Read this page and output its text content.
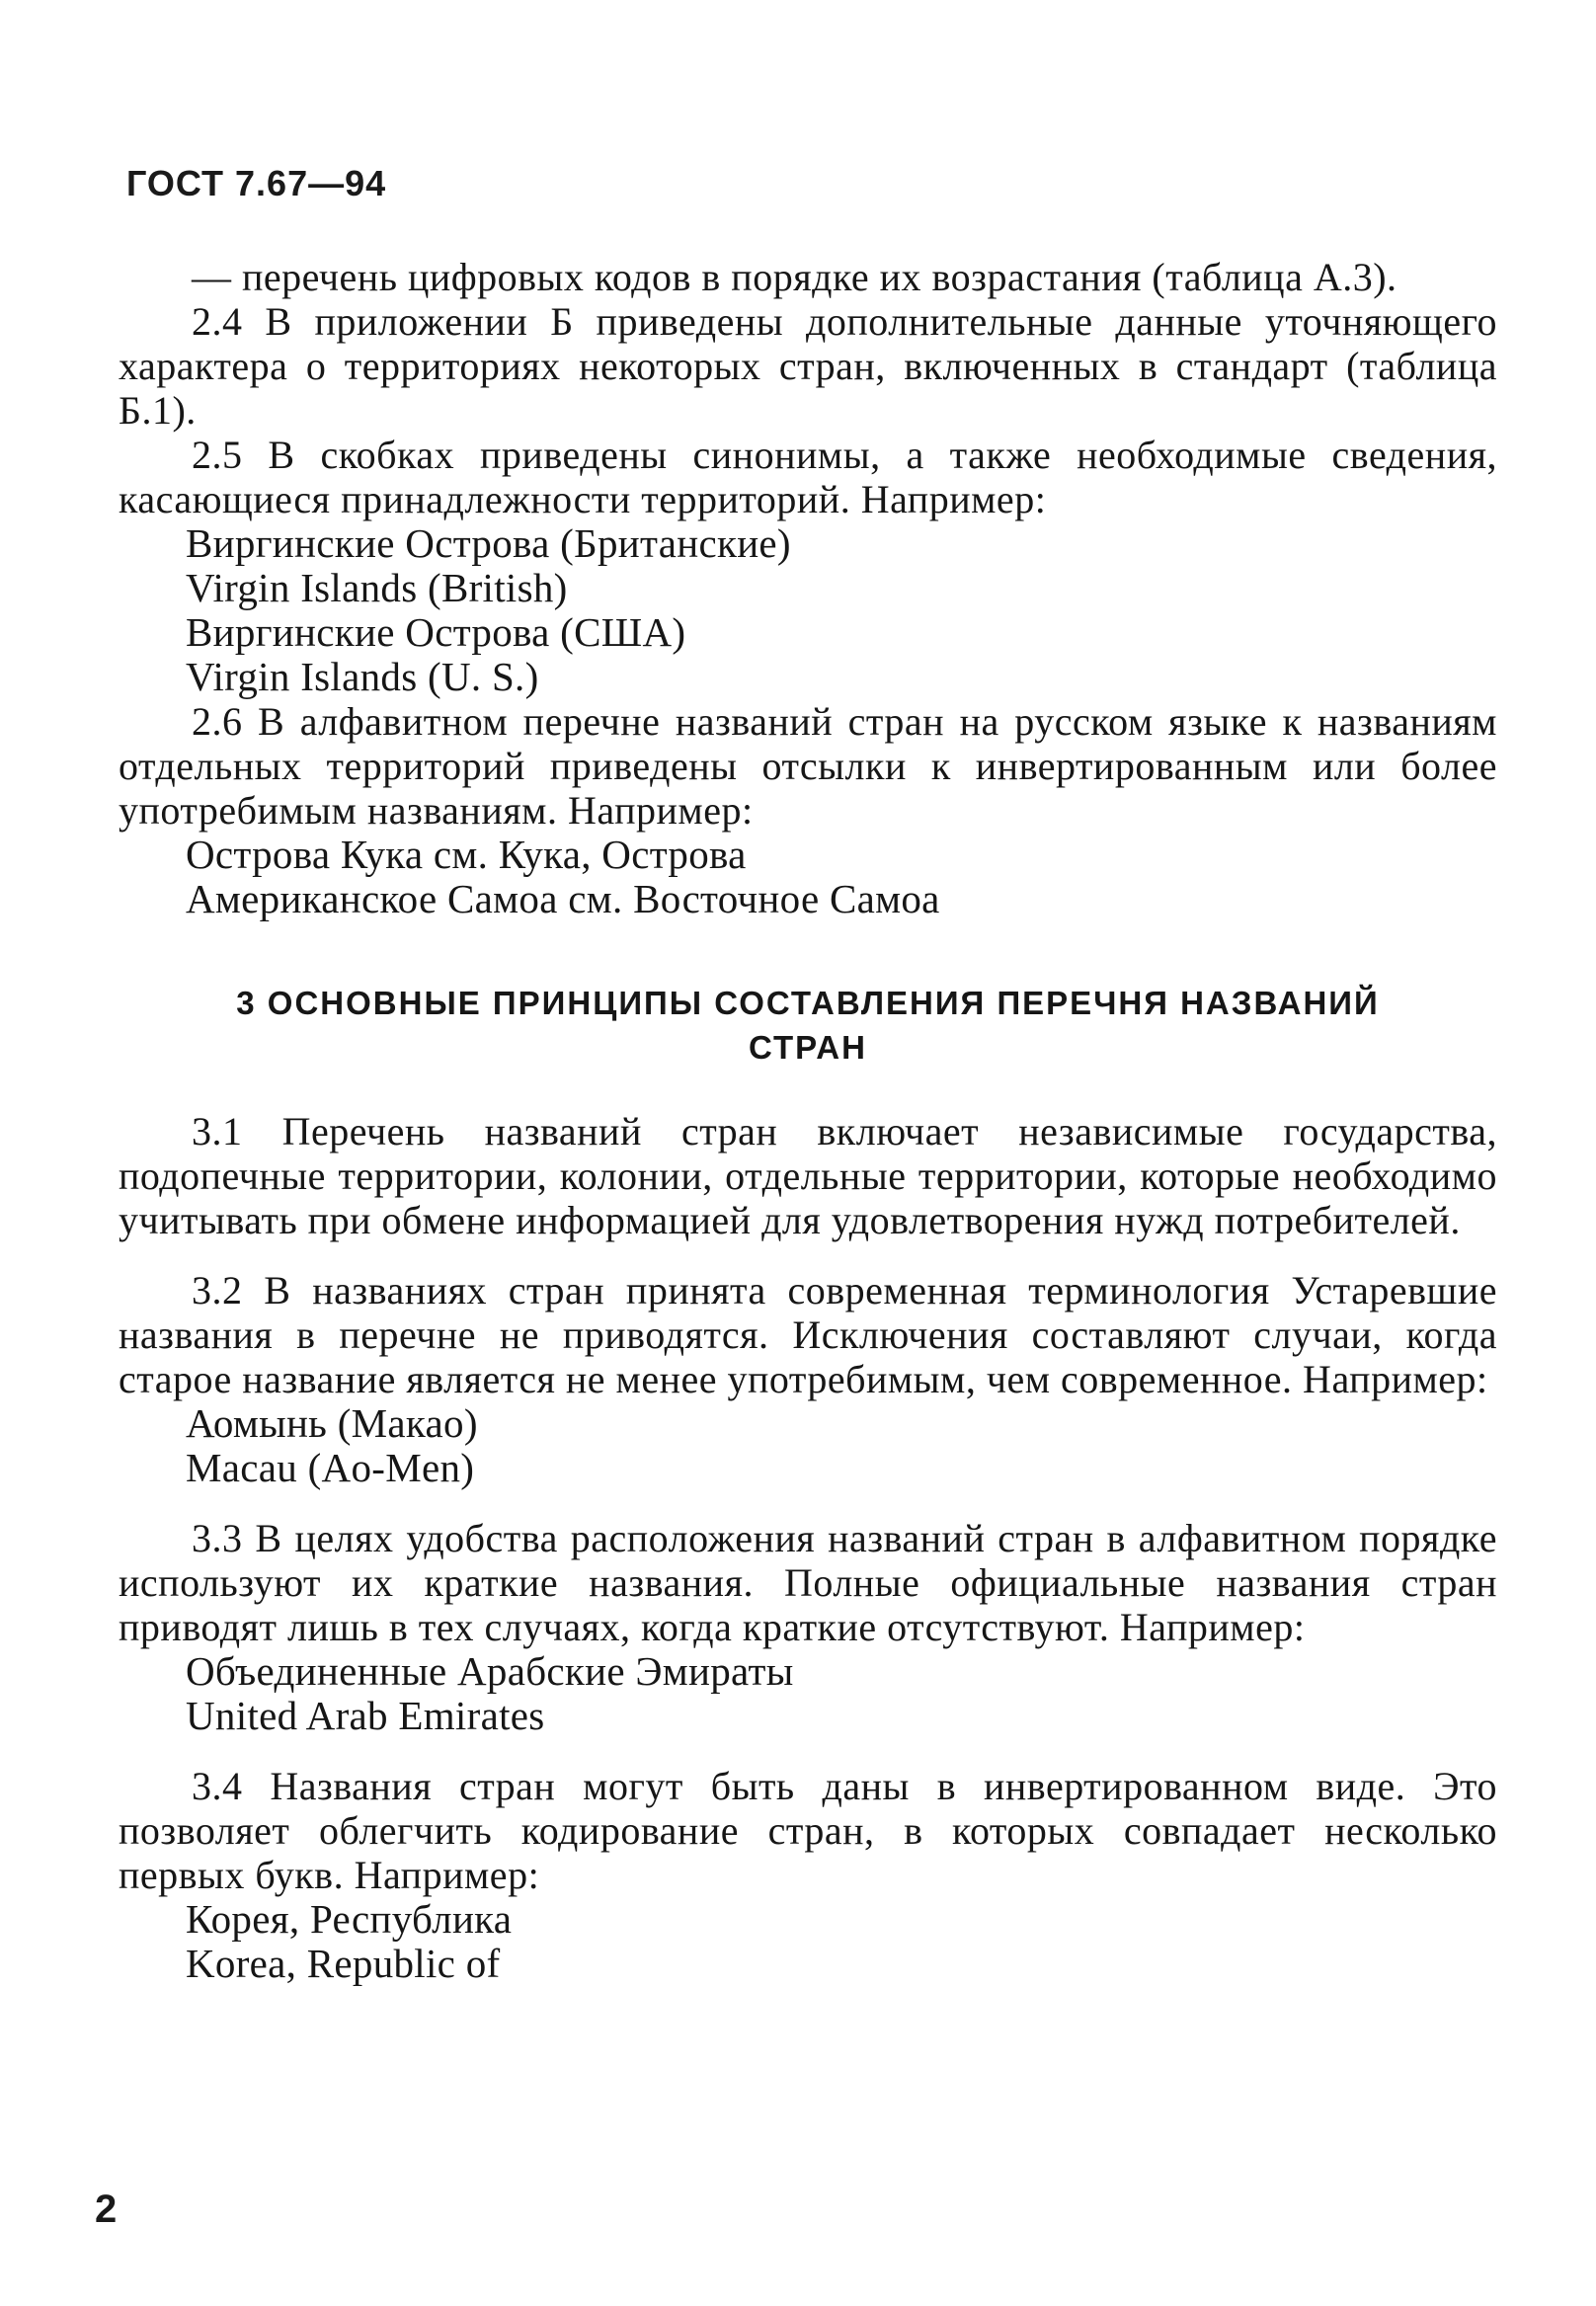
ГОСТ 7.67—94

— перечень цифровых кодов в порядке их возрастания (таблица А.3).

2.4 В приложении Б приведены дополнительные данные уточняющего характера о территориях некоторых стран, включенных в стандарт (таблица Б.1).

2.5 В скобках приведены синонимы, а также необходимые сведения, касающиеся принадлежности территорий. Например:

Виргинские Острова (Британские)
Virgin Islands (British)
Виргинские Острова (США)
Virgin Islands (U. S.)

2.6 В алфавитном перечне названий стран на русском языке к названиям отдельных территорий приведены отсылки к инвертированным или более употребимым названиям. Например:

Острова Кука см. Кука, Острова
Американское Самоа см. Восточное Самоа
3 ОСНОВНЫЕ ПРИНЦИПЫ СОСТАВЛЕНИЯ ПЕРЕЧНЯ НАЗВАНИЙ
СТРАН

3.1 Перечень названий стран включает независимые государства, подопечные территории, колонии, отдельные территории, которые необходимо учитывать при обмене информацией для удовлетворения нужд потребителей.

3.2 В названиях стран принята современная терминология Устаревшие названия в перечне не приводятся. Исключения составляют случаи, когда старое название является не менее употребимым, чем современное. Например:

Аомынь (Макао)
Macau (Ao-Men)

3.3 В целях удобства расположения названий стран в алфавитном порядке используют их краткие названия. Полные официальные названия стран приводят лишь в тех случаях, когда краткие отсутствуют. Например:

Объединенные Арабские Эмираты
United Arab Emirates

3.4 Названия стран могут быть даны в инвертированном виде. Это позволяет облегчить кодирование стран, в которых совпадает несколько первых букв. Например:

Корея, Республика
Korea, Republic of
2
